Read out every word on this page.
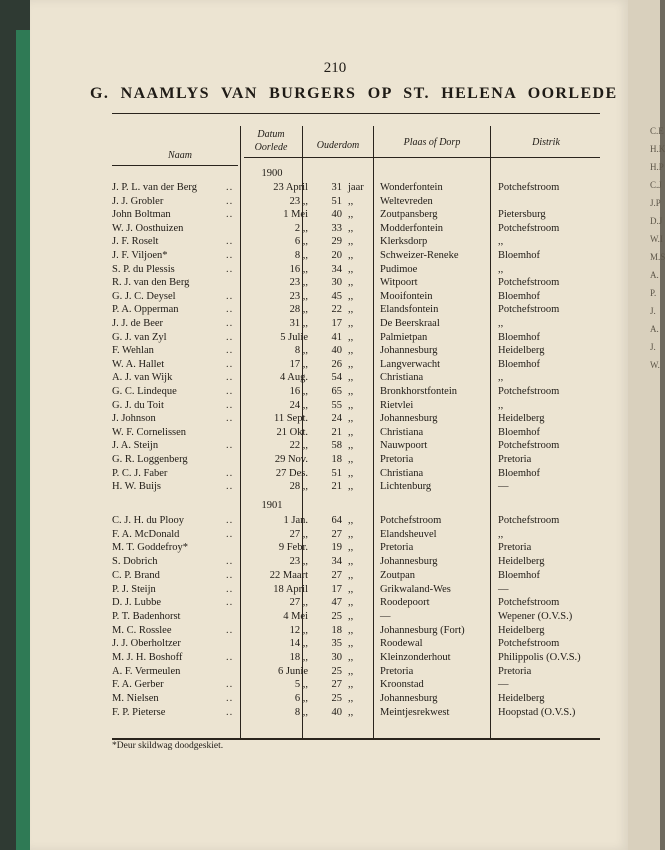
C.E
H.K
H.P
C.J
J.P
D.J
W.I
M.S
A.
P.
J.
A.
J.
W.
210
G. NAAMLYS VAN BURGERS OP ST. HELENA OORLEDE
Naam
Datum
Oorlede	Ouderdom	Plaas of Dorp	Distrik
1900
J. P. L. van der Berg	..	23 April	31 jaar Wonderfontein	Potchefstroom
J. J. Grobler	..	23 ,,	51 ,,	Weltevreden
John Boltman	..	1 Mei	40 ,,	Zoutpansberg	Pietersburg
W. J. Oosthuizen	2 ,,	33 ,,	Modderfontein	Potchefstroom
J. F. Roselt	..	6 ,,	29 ,,	Klerksdorp	,,
J. F. Viljoen*	..	8 ,,	20 ,,	Schweizer-Reneke	Bloemhof
S. P. du Plessis	..	16 ,,	34 ,,	Pudimoe	,,
R. J. van den Berg	23 ,,	30 ,,	Witpoort	Potchefstroom
G. J. C. Deysel	..	23 ,,	45 ,,	Mooifontein	Bloemhof
P. A. Opperman	..	28 ,,	22 ,,	Elandsfontein	Potchefstroom
J. J. de Beer	..	31 ,,	17 ,,	De Beerskraal	,,
G. J. van Zyl	..	5 Julie	41 ,,	Palmietpan	Bloemhof
F. Wehlan	..	8 ,,	40 ,,	Johannesburg	Heidelberg
W. A. Hallet	..	17 ,,	26 ,,	Langverwacht	Bloemhof
A. J. van Wijk	..	4 Aug.	54 ,,	Christiana	,,
G. C. Lindeque	..	16 ,,	65 ,,	Bronkhorstfontein	Potchefstroom
G. J. du Toit	..	24 ,,	55 ,,	Rietvlei	,,
J. Johnson	..	11 Sept.	24 ,,	Johannesburg	Heidelberg
W. F. Cornelissen	21 Okt.	21 ,,	Christiana	Bloemhof
J. A. Steijn	..	22 ,,	58 ,,	Nauwpoort	Potchefstroom
G. R. Loggenberg	29 Nov.	18 ,,	Pretoria	Pretoria
P. C. J. Faber	..	27 Des.	51 ,,	Christiana	Bloemhof
H. W. Buijs	..	28 ,,	21 ,,	Lichtenburg	—
1901
C. J. H. du Plooy	..	1 Jan.	64 ,,	Potchefstroom	Potchefstroom
F. A. McDonald	..	27 ,,	27 ,,	Elandsheuvel	,,
M. T. Goddefroy*	9 Febr.	19 ,,	Pretoria	Pretoria
S. Dobrich	..	23 ,,	34 ,,	Johannesburg	Heidelberg
C. P. Brand	..	22 Maart	27 ,,	Zoutpan	Bloemhof
P. J. Steijn	..	18 April	17 ,,	Grikwaland-Wes	—
D. J. Lubbe	..	27 ,,	47 ,,	Roodepoort	Potchefstroom
P. T. Badenhorst	4 Mei	25 ,,	—	Wepener (O.V.S.)
M. C. Rosslee	..	12 ,,	18 ,,	Johannesburg (Fort)	Heidelberg
J. J. Oberholtzer	14 ,,	35 ,,	Roodewal	Potchefstroom
M. J. H. Boshoff	..	18 ,,	30 ,,	Kleinzonderhout	Philippolis (O.V.S.)
A. F. Vermeulen	6 Junie	25 ,,	Pretoria	Pretoria
F. A. Gerber	..	5 ,,	27 ,,	Kroonstad	—
M. Nielsen	..	6 ,,	25 ,,	Johannesburg	Heidelberg
F. P. Pieterse	..	8 ,,	40 ,,	Meintjesrekwest	Hoopstad (O.V.S.)
*Deur skildwag doodgeskiet.
